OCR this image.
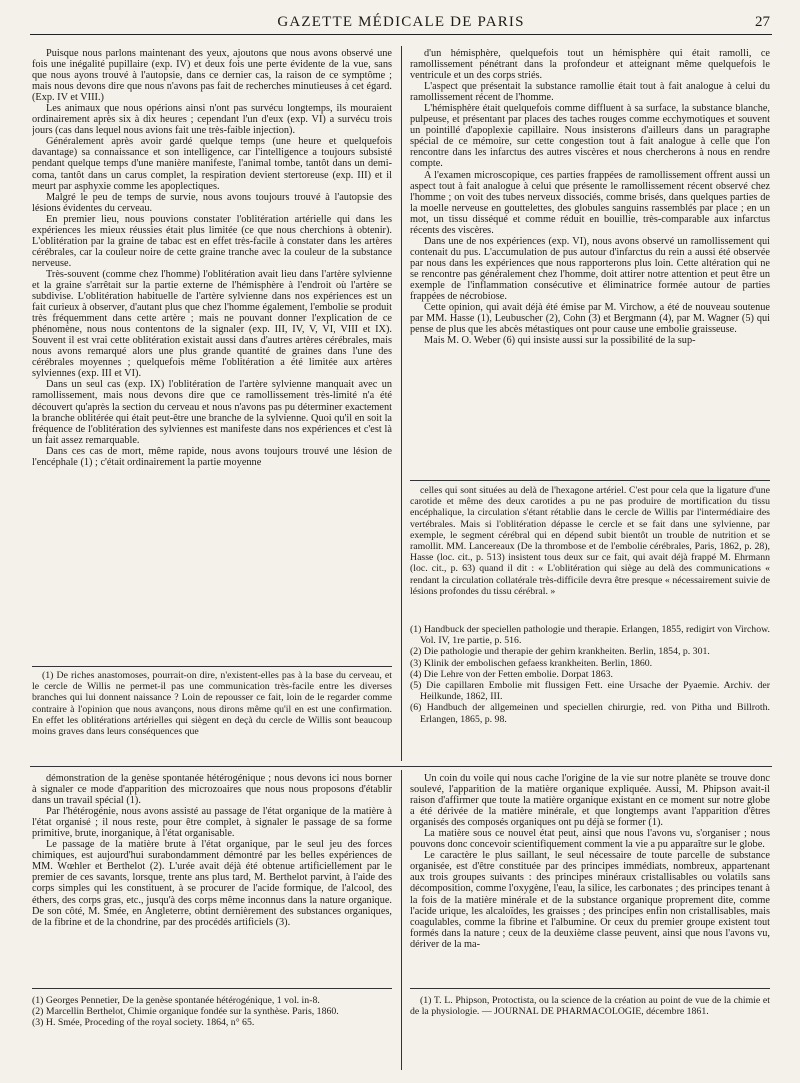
GAZETTE MÉDICALE DE PARIS	27

Puisque nous parlons maintenant des yeux, ajoutons que nous avons observé une fois une inégalité pupillaire (exp. IV) et deux fois une perte évidente de la vue, sans que nous ayons trouvé à l'autopsie, dans ce dernier cas, la raison de ce symptôme ; mais nous devons dire que nous n'avons pas fait de recherches minutieuses à cet égard. (Exp. IV et VIII.)

Les animaux que nous opérions ainsi n'ont pas survécu longtemps, ils mouraient ordinairement après six à dix heures ; cependant l'un d'eux (exp. VI) a survécu trois jours (cas dans lequel nous avions fait une très-faible injection).

Généralement après avoir gardé quelque temps (une heure et quelquefois davantage) sa connaissance et son intelligence, car l'intelligence a toujours subsisté pendant quelque temps d'une manière manifeste, l'animal tombe, tantôt dans un demi-coma, tantôt dans un carus complet, la respiration devient stertoreuse (exp. III) et il meurt par asphyxie comme les apoplectiques.

Malgré le peu de temps de survie, nous avons toujours trouvé à l'autopsie des lésions évidentes du cerveau.

En premier lieu, nous pouvions constater l'oblitération artérielle qui dans les expériences les mieux réussies était plus limitée (ce que nous cherchions à obtenir). L'oblitération par la graine de tabac est en effet très-facile à constater dans les artères cérébrales, car la couleur noire de cette graine tranche avec la couleur de la substance nerveuse.

Très-souvent (comme chez l'homme) l'oblitération avait lieu dans l'artère sylvienne et la graine s'arrêtait sur la partie externe de l'hémisphère à l'endroit où l'artère se subdivise. L'oblitération habituelle de l'artère sylvienne dans nos expériences est un fait curieux à observer, d'autant plus que chez l'homme également, l'embolie se produit très fréquemment dans cette artère ; mais ne pouvant donner l'explication de ce phénomène, nous nous contentons de la signaler (exp. III, IV, V, VI, VIII et IX). Souvent il est vrai cette oblitération existait aussi dans d'autres artères cérébrales, mais nous avons remarqué alors une plus grande quantité de graines dans l'une des cérébrales moyennes ; quelquefois même l'oblitération a été limitée aux artères sylviennes (exp. III et VI).

Dans un seul cas (exp. IX) l'oblitération de l'artère sylvienne manquait avec un ramollissement, mais nous devons dire que ce ramollissement très-limité n'a été découvert qu'après la section du cerveau et nous n'avons pas pu déterminer exactement la branche oblitérée qui était peut-être une branche de la sylvienne. Quoi qu'il en soit la fréquence de l'oblitération des sylviennes est manifeste dans nos expériences et c'est là un fait assez remarquable.

Dans ces cas de mort, même rapide, nous avons toujours trouvé une lésion de l'encéphale (1) ; c'était ordinairement la partie moyenne

d'un hémisphère, quelquefois tout un hémisphère qui était ramolli, ce ramollissement pénétrant dans la profondeur et atteignant même quelquefois le ventricule et un des corps striés.

L'aspect que présentait la substance ramollie était tout à fait analogue à celui du ramollissement récent de l'homme.

L'hémisphère était quelquefois comme diffluent à sa surface, la substance blanche, pulpeuse, et présentant par places des taches rouges comme ecchymotiques et souvent un pointillé d'apoplexie capillaire. Nous insisterons d'ailleurs dans un paragraphe spécial de ce mémoire, sur cette congestion tout à fait analogue à celle que l'on rencontre dans les infarctus des autres viscères et nous chercherons à nous en rendre compte.

A l'examen microscopique, ces parties frappées de ramollissement offrent aussi un aspect tout à fait analogue à celui que présente le ramollissement récent observé chez l'homme ; on voit des tubes nerveux dissociés, comme brisés, dans quelques parties de la moelle nerveuse en gouttelettes, des globules sanguins rassemblés par place ; en un mot, un tissu disséqué et comme réduit en bouillie, très-comparable aux infarctus récents des viscères.

Dans une de nos expériences (exp. VI), nous avons observé un ramollissement qui contenait du pus. L'accumulation de pus autour d'infarctus du rein a aussi été observée par nous dans les expériences que nous rapporterons plus loin. Cette altération qui ne se rencontre pas généralement chez l'homme, doit attirer notre attention et peut être un exemple de l'inflammation consécutive et éliminatrice formée autour de parties frappées de nécrobiose.

Cette opinion, qui avait déjà été émise par M. Virchow, a été de nouveau soutenue par MM. Hasse (1), Leubuscher (2), Cohn (3) et Bergmann (4), par M. Wagner (5) qui pense de plus que les abcès métastiques ont pour cause une embolie graisseuse.

Mais M. O. Weber (6) qui insiste aussi sur la possibilité de la sup-

celles qui sont situées au delà de l'hexagone artériel. C'est pour cela que la ligature d'une carotide et même des deux carotides a pu ne pas produire de mortification du tissu encéphalique, la circulation s'étant rétablie dans le cercle de Willis par l'intermédiaire des vertébrales. Mais si l'oblitération dépasse le cercle et se fait dans une sylvienne, par exemple, le segment cérébral qui en dépend subit bientôt un trouble de nutrition et se ramollit. MM. Lancereaux (De la thrombose et de l'embolie cérébrales, Paris, 1862, p. 28), Hasse (loc. cit., p. 513) insistent tous deux sur ce fait, qui avait déjà frappé M. Ehrmann (loc. cit., p. 63) quand il dit : « L'oblitération qui siège au delà des communications « rendant la circulation collatérale très-difficile devra être presque « nécessairement suivie de lésions profondes du tissu cérébral. »

(1) Handbuck der speciellen pathologie und therapie. Erlangen, 1855, redigirt von Virchow. Vol. IV, 1re partie, p. 516.

(2) Die pathologie und therapie der gehirn krankheiten. Berlin, 1854, p. 301.

(3) Klinik der embolischen gefaess krankheiten. Berlin, 1860.

(4) Die Lehre von der Fetten embolie. Dorpat 1863.

(5) Die capillaren Embolie mit flussigen Fett. eine Ursache der Pyaemie. Archiv. der Heilkunde, 1862, III.

(6) Handbuch der allgemeinen und speciellen chirurgie, red. von Pitha und Billroth. Erlangen, 1865, p. 98.

(1) De riches anastomoses, pourrait-on dire, n'existent-elles pas à la base du cerveau, et le cercle de Willis ne permet-il pas une communication très-facile entre les diverses branches qui lui donnent naissance ? Loin de repousser ce fait, loin de le regarder comme contraire à l'opinion que nous avançons, nous dirons même qu'il en est une confirmation. En effet les oblitérations artérielles qui siègent en deçà du cercle de Willis sont beaucoup moins graves dans leurs conséquences que

démonstration de la genèse spontanée hétérogénique ; nous devons ici nous borner à signaler ce mode d'apparition des microzoaires que nous nous proposons d'établir dans un travail spécial (1).

Par l'hétérogénie, nous avons assisté au passage de l'état organique de la matière à l'état organisé ; il nous reste, pour être complet, à signaler le passage de sa forme primitive, brute, inorganique, à l'état organisable.

Le passage de la matière brute à l'état organique, par le seul jeu des forces chimiques, est aujourd'hui surabondamment démontré par les belles expériences de MM. Wœhler et Berthelot (2). L'urée avait déjà été obtenue artificiellement par le premier de ces savants, lorsque, trente ans plus tard, M. Berthelot parvint, à l'aide des corps simples qui les constituent, à se procurer de l'acide formique, de l'alcool, des éthers, des corps gras, etc., jusqu'à des corps même inconnus dans la nature organique. De son côté, M. Smée, en Angleterre, obtint dernièrement des substances organiques, de la fibrine et de la chondrine, par des procédés artificiels (3).

(1) Georges Pennetier, De la genèse spontanée hétérogénique, 1 vol. in-8.

(2) Marcellin Berthelot, Chimie organique fondée sur la synthèse. Paris, 1860.

(3) H. Smée, Proceding of the royal society. 1864, n° 65.

Un coin du voile qui nous cache l'origine de la vie sur notre planète se trouve donc soulevé, l'apparition de la matière organique expliquée. Aussi, M. Phipson avait-il raison d'affirmer que toute la matière organique existant en ce moment sur notre globe a été dérivée de la matière minérale, et que longtemps avant l'apparition d'êtres organisés des composés organiques ont pu déjà se former (1).

La matière sous ce nouvel état peut, ainsi que nous l'avons vu, s'organiser ; nous pouvons donc concevoir scientifiquement comment la vie a pu apparaître sur le globe.

Le caractère le plus saillant, le seul nécessaire de toute parcelle de substance organisée, est d'être constituée par des principes immédiats, nombreux, appartenant aux trois groupes suivants : des principes minéraux cristallisables ou volatils sans décomposition, comme l'oxygène, l'eau, la silice, les carbonates ; des principes tenant à la fois de la matière minérale et de la substance organique proprement dite, comme l'acide urique, les alcaloïdes, les graisses ; des principes enfin non cristallisables, mais coagulables, comme la fibrine et l'albumine. Or ceux du premier groupe existent tout formés dans la nature ; ceux de la deuxième classe peuvent, ainsi que nous l'avons vu, dériver de la ma-

(1) T. L. Phipson, Protoctista, ou la science de la création au point de vue de la chimie et de la physiologie. — JOURNAL DE PHARMACOLOGIE, décembre 1861.
